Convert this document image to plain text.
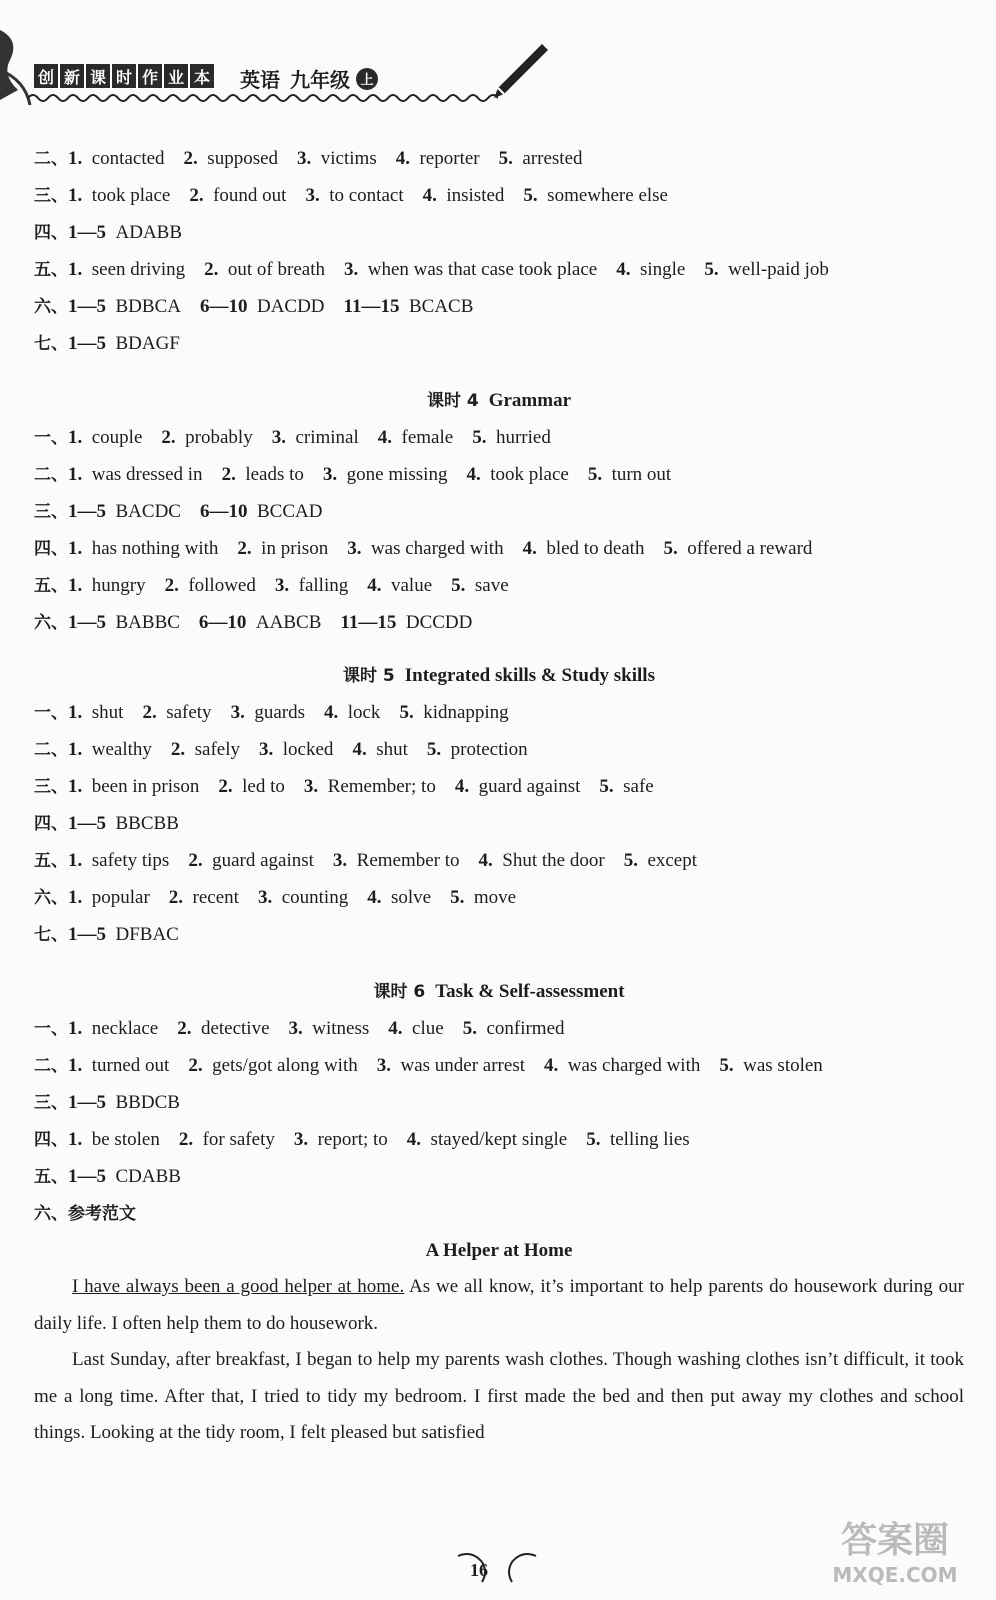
创 新 课 时 作 业 本 英语 九年级 上
二、1.  contacted   2.  supposed   3.  victims   4.  reporter   5.  arrested
三、1.  took place   2.  found out   3.  to contact   4.  insisted   5.  somewhere else
四、1—5  ADABB
五、1.  seen driving   2.  out of breath   3.  when was that case took place   4.  single   5.  well-paid job
六、1—5  BDBCA   6—10  DACDD   11—15  BCACB
七、1—5  BDAGF
课时 4 Grammar
一、1.  couple   2.  probably   3.  criminal   4.  female   5.  hurried
二、1.  was dressed in   2.  leads to   3.  gone missing   4.  took place   5.  turn out
三、1—5  BACDC   6—10  BCCAD
四、1.  has nothing with   2.  in prison   3.  was charged with   4.  bled to death   5.  offered a reward
五、1.  hungry   2.  followed   3.  falling   4.  value   5.  save
六、1—5  BABBC   6—10  AABCB   11—15  DCCDD
课时 5 Integrated skills & Study skills
一、1.  shut   2.  safety   3.  guards   4.  lock   5.  kidnapping
二、1.  wealthy   2.  safely   3.  locked   4.  shut   5.  protection
三、1.  been in prison   2.  led to   3.  Remember; to   4.  guard against   5.  safe
四、1—5  BBCBB
五、1.  safety tips   2.  guard against   3.  Remember to   4.  Shut the door   5.  except
六、1.  popular   2.  recent   3.  counting   4.  solve   5.  move
七、1—5  DFBAC
课时 6 Task & Self-assessment
一、1.  necklace   2.  detective   3.  witness   4.  clue   5.  confirmed
二、1.  turned out   2.  gets/got along with   3.  was under arrest   4.  was charged with   5.  was stolen
三、1—5  BBDCB
四、1.  be stolen   2.  for safety   3.  report; to   4.  stayed/kept single   5.  telling lies
五、1—5  CDABB
六、参考范文
A Helper at Home

I have always been a good helper at home. As we all know, it’s important to help parents do housework during our daily life. I often help them to do housework.

Last Sunday, after breakfast, I began to help my parents wash clothes. Though washing clothes isn’t difficult, it took me a long time. After that, I tried to tidy my bedroom. I first made the bed and then put away my clothes and school things. Looking at the tidy room, I felt pleased but satisfied

16
答案圈
MXQE.COM
